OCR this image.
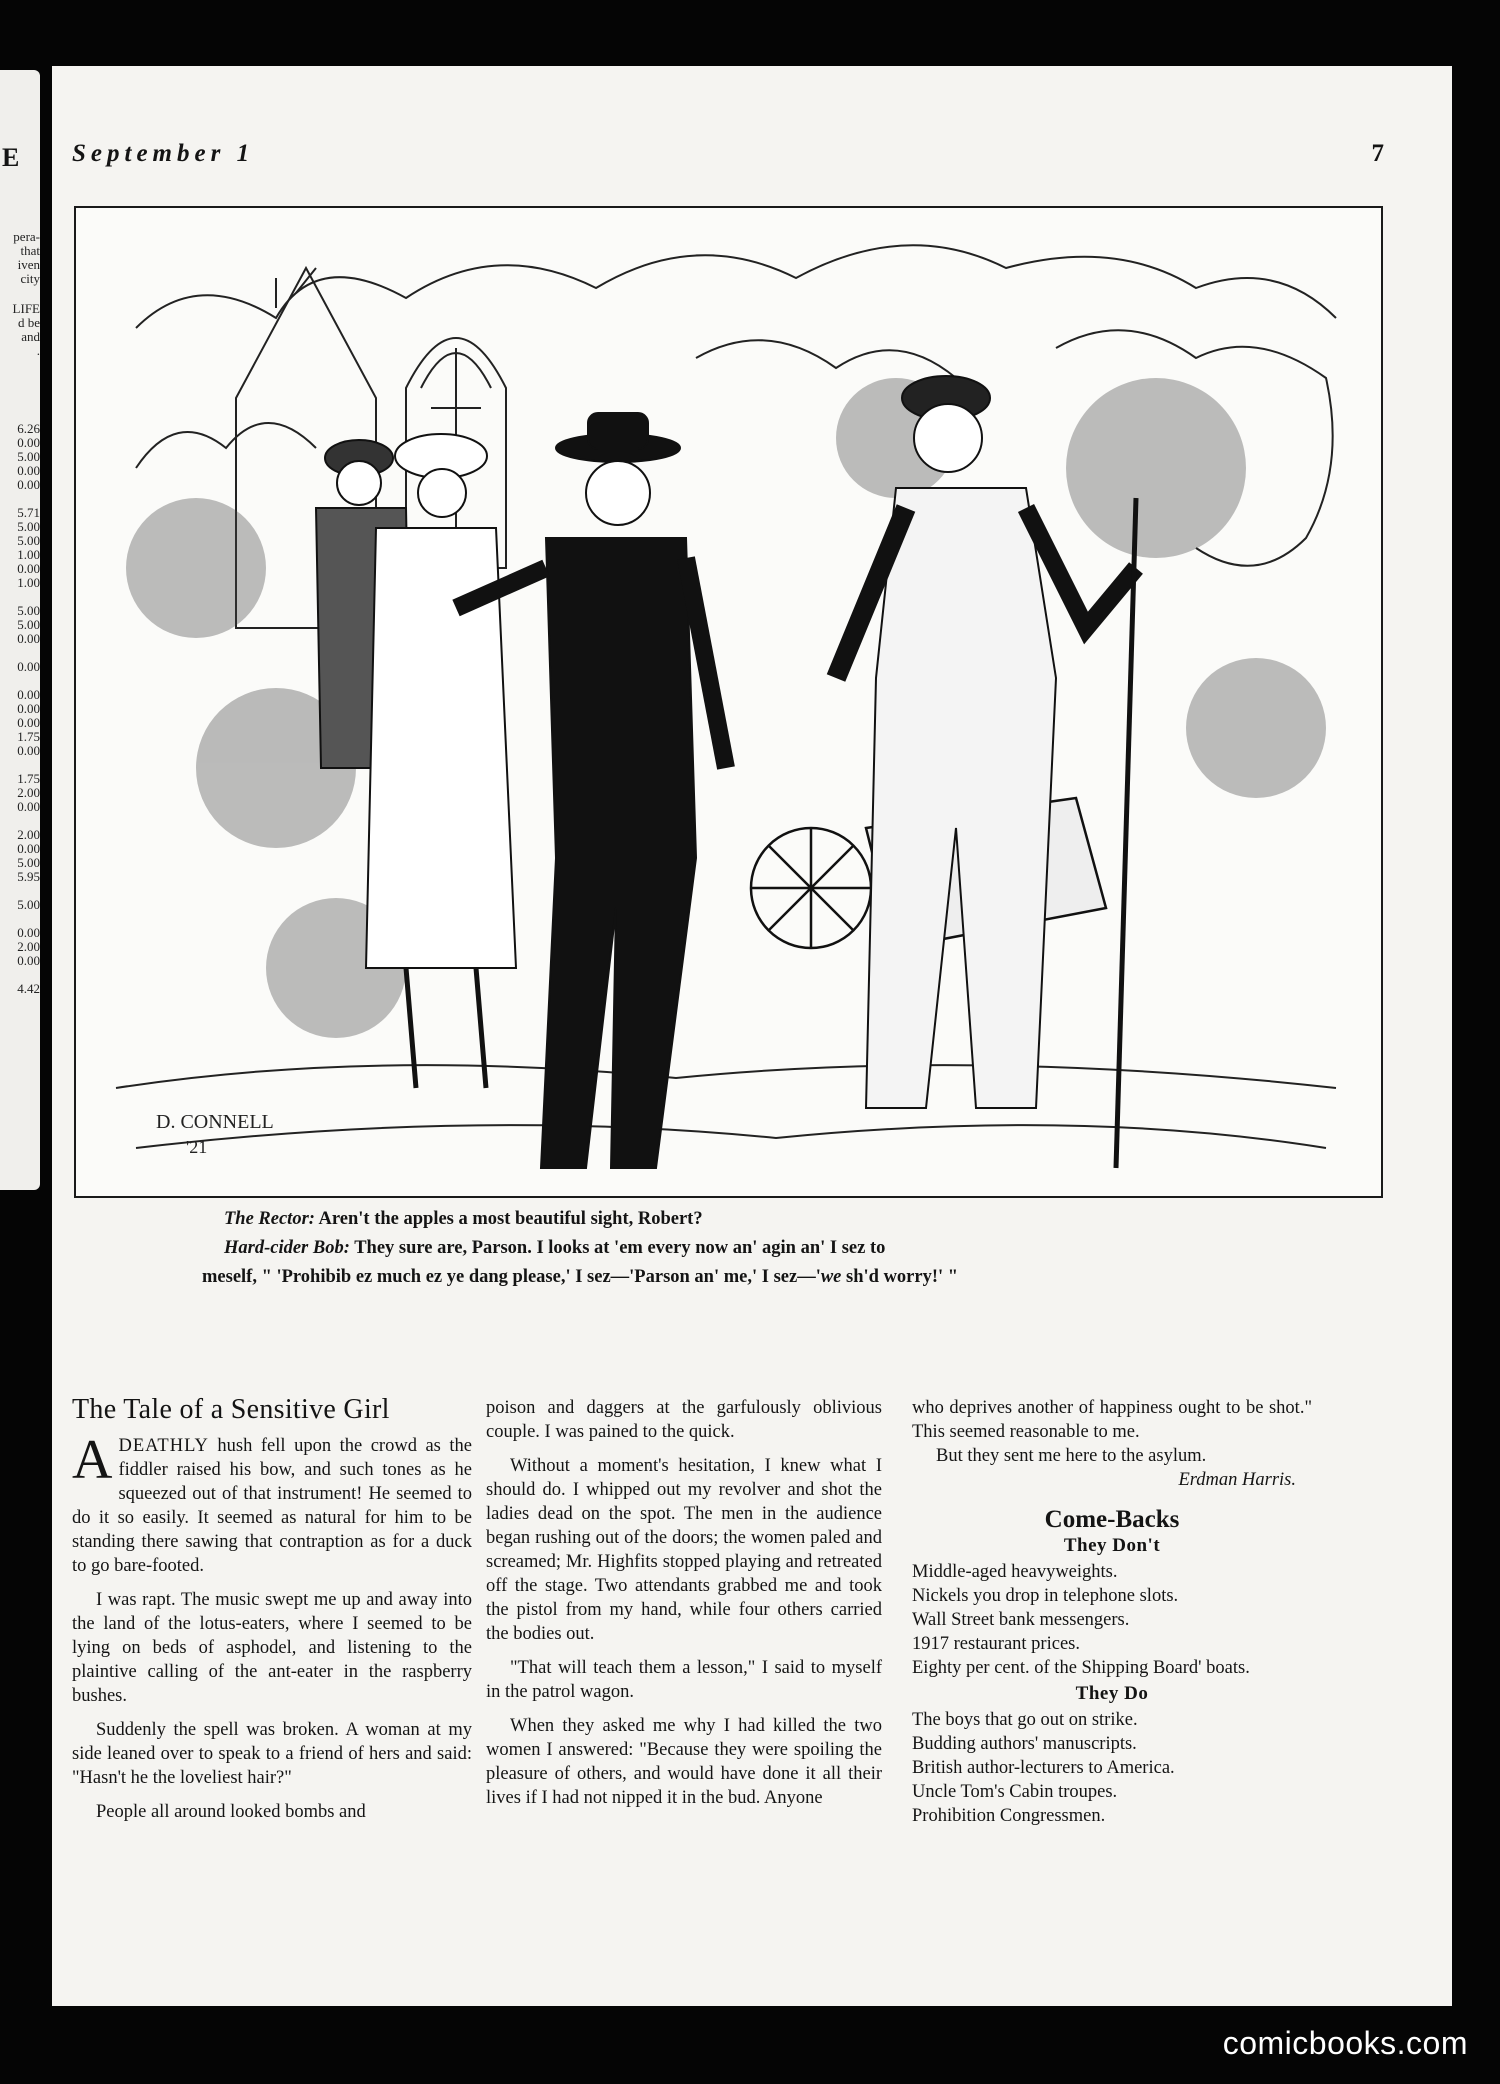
E
pera-
that
iven
city
LIFE
d be
and
.
6.26
0.00
5.00
0.00
0.00

5.71
5.00
5.00
1.00
0.00
1.00

5.00
5.00
0.00

0.00

0.00
0.00
0.00
1.75
0.00

1.75
2.00
0.00

2.00
0.00
5.00
5.95

5.00

0.00
2.00
0.00

4.42
September 1	7
D. CONNELL
'21
The Rector: Aren't the apples a most beautiful sight, Robert?
Hard-cider Bob: They sure are, Parson. I looks at 'em every now an' agin an' I sez to
meself, " 'Prohibib ez much ez ye dang please,' I sez—'Parson an' me,' I sez—'we sh'd worry!' "
The Tale of a Sensitive Girl

ADEATHLY hush fell upon the crowd as the fiddler raised his bow, and such tones as he squeezed out of that instrument! He seemed to do it so easily. It seemed as natural for him to be standing there sawing that contraption as for a duck to go bare-footed.

I was rapt. The music swept me up and away into the land of the lotus-eaters, where I seemed to be lying on beds of asphodel, and listening to the plaintive calling of the ant-eater in the raspberry bushes.

Suddenly the spell was broken. A woman at my side leaned over to speak to a friend of hers and said: "Hasn't he the loveliest hair?"

People all around looked bombs and

poison and daggers at the garfulously oblivious couple. I was pained to the quick.

Without a moment's hesitation, I knew what I should do. I whipped out my revolver and shot the ladies dead on the spot. The men in the audience began rushing out of the doors; the women paled and screamed; Mr. Highfits stopped playing and retreated off the stage. Two attendants grabbed me and took the pistol from my hand, while four others carried the bodies out.

"That will teach them a lesson," I said to myself in the patrol wagon.

When they asked me why I had killed the two women I answered: "Because they were spoiling the pleasure of others, and would have done it all their lives if I had not nipped it in the bud. Anyone

who deprives another of happiness ought to be shot." This seemed reasonable to me.

But they sent me here to the asylum.

Erdman Harris.

Come-Backs
They Don't
Middle-aged heavyweights.
Nickels you drop in telephone slots.
Wall Street bank messengers.
1917 restaurant prices.
Eighty per cent. of the Shipping Board' boats.
They Do
The boys that go out on strike.
Budding authors' manuscripts.
British author-lecturers to America.
Uncle Tom's Cabin troupes.
Prohibition Congressmen.
comicbooks.com
